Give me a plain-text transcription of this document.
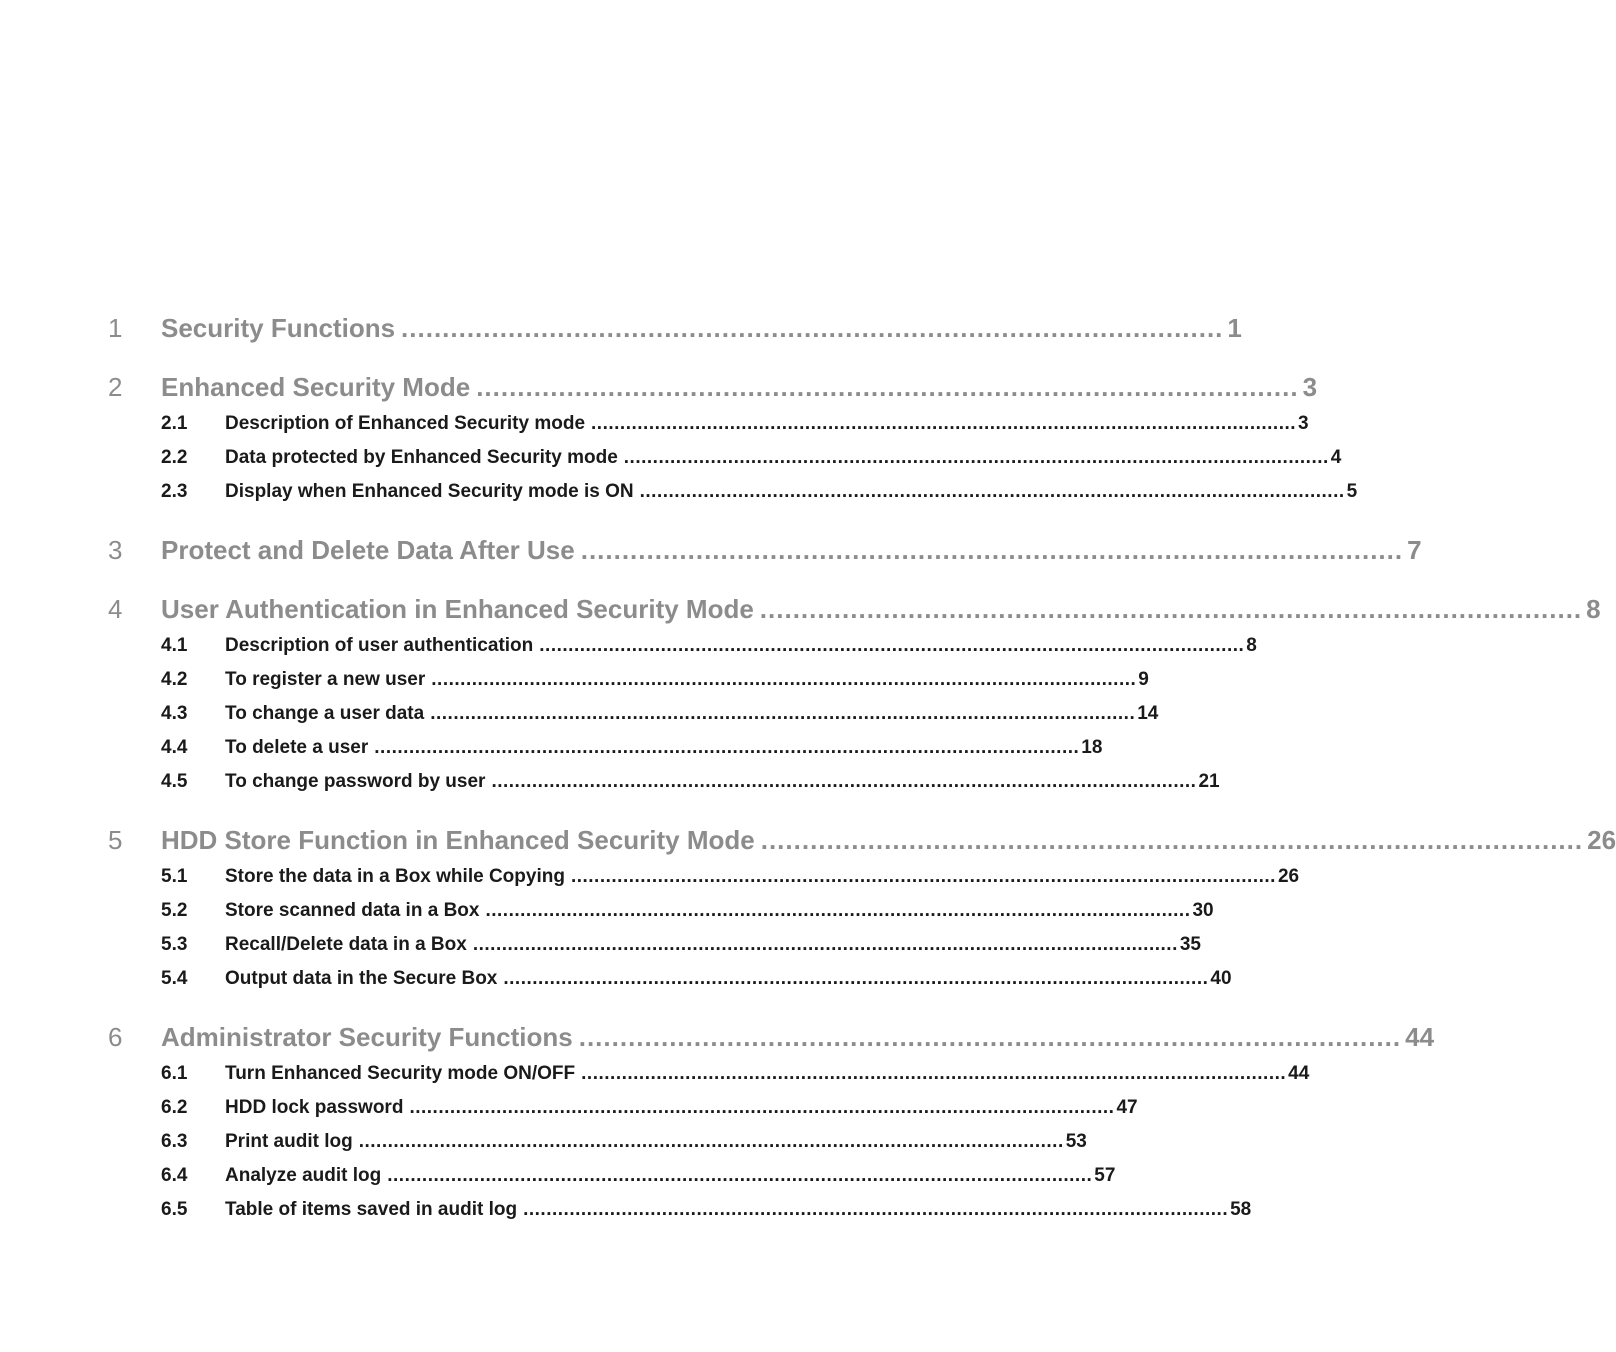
1	Security Functions .................................................................................................... 1
2	Enhanced Security Mode .................................................................................................... 3
2.1	Description of Enhanced Security mode .......................................................................................................................... 3
2.2	Data protected by Enhanced Security mode .......................................................................................................................... 4
2.3	Display when Enhanced Security mode is ON .......................................................................................................................... 5
3	Protect and Delete Data After Use .................................................................................................... 7
4	User Authentication in Enhanced Security Mode .................................................................................................... 8
4.1	Description of user authentication .......................................................................................................................... 8
4.2	To register a new user .......................................................................................................................... 9
4.3	To change a user data .......................................................................................................................... 14
4.4	To delete a user .......................................................................................................................... 18
4.5	To change password by user .......................................................................................................................... 21
5	HDD Store Function in Enhanced Security Mode .................................................................................................... 26
5.1	Store the data in a Box while Copying .......................................................................................................................... 26
5.2	Store scanned data in a Box .......................................................................................................................... 30
5.3	Recall/Delete data in a Box .......................................................................................................................... 35
5.4	Output data in the Secure Box .......................................................................................................................... 40
6	Administrator Security Functions .................................................................................................... 44
6.1	Turn Enhanced Security mode ON/OFF .......................................................................................................................... 44
6.2	HDD lock password .......................................................................................................................... 47
6.3	Print audit log .......................................................................................................................... 53
6.4	Analyze audit log .......................................................................................................................... 57
6.5	Table of items saved in audit log .......................................................................................................................... 58
